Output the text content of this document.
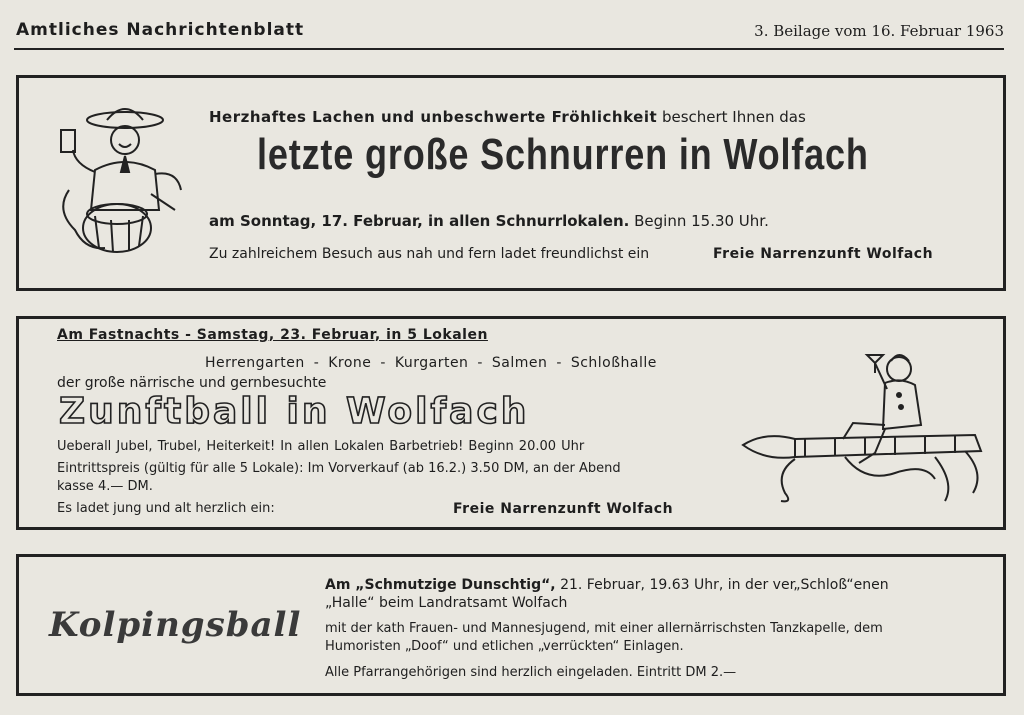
Amtliches Nachrichtenblatt	3. Beilage vom 16. Februar 1963
Herzhaftes Lachen und unbeschwerte Fröhlichkeit beschert Ihnen das
letzte große Schnurren in Wolfach
am Sonntag, 17. Februar, in allen Schnurrlokalen. Beginn 15.30 Uhr.
Zu zahlreichem Besuch aus nah und fern ladet freundlichst ein	Freie Narrenzunft Wolfach
Am Fastnachts - Samstag, 23. Februar, in 5 Lokalen
Herrengarten - Krone - Kurgarten - Salmen - Schloßhalle
der große närrische und gernbesuchte
Zunftball in Wolfach
Ueberall Jubel, Trubel, Heiterkeit! In allen Lokalen Barbetrieb! Beginn 20.00 Uhr
Eintrittspreis (gültig für alle 5 Lokale): Im Vorverkauf (ab 16.2.) 3.50 DM, an der Abend
kasse 4.— DM.
Es ladet jung und alt herzlich ein:	Freie Narrenzunft Wolfach
Kolpingsball
Am „Schmutzige Dunschtig“, 21. Februar, 19.63 Uhr, in der ver„Schloß“enen
„Halle“ beim Landratsamt Wolfach
mit der kath Frauen- und Mannesjugend, mit einer allernärrischsten Tanzkapelle, dem
Humoristen „Doof“ und etlichen „verrückten“ Einlagen.
Alle Pfarrangehörigen sind herzlich eingeladen. Eintritt DM 2.—
